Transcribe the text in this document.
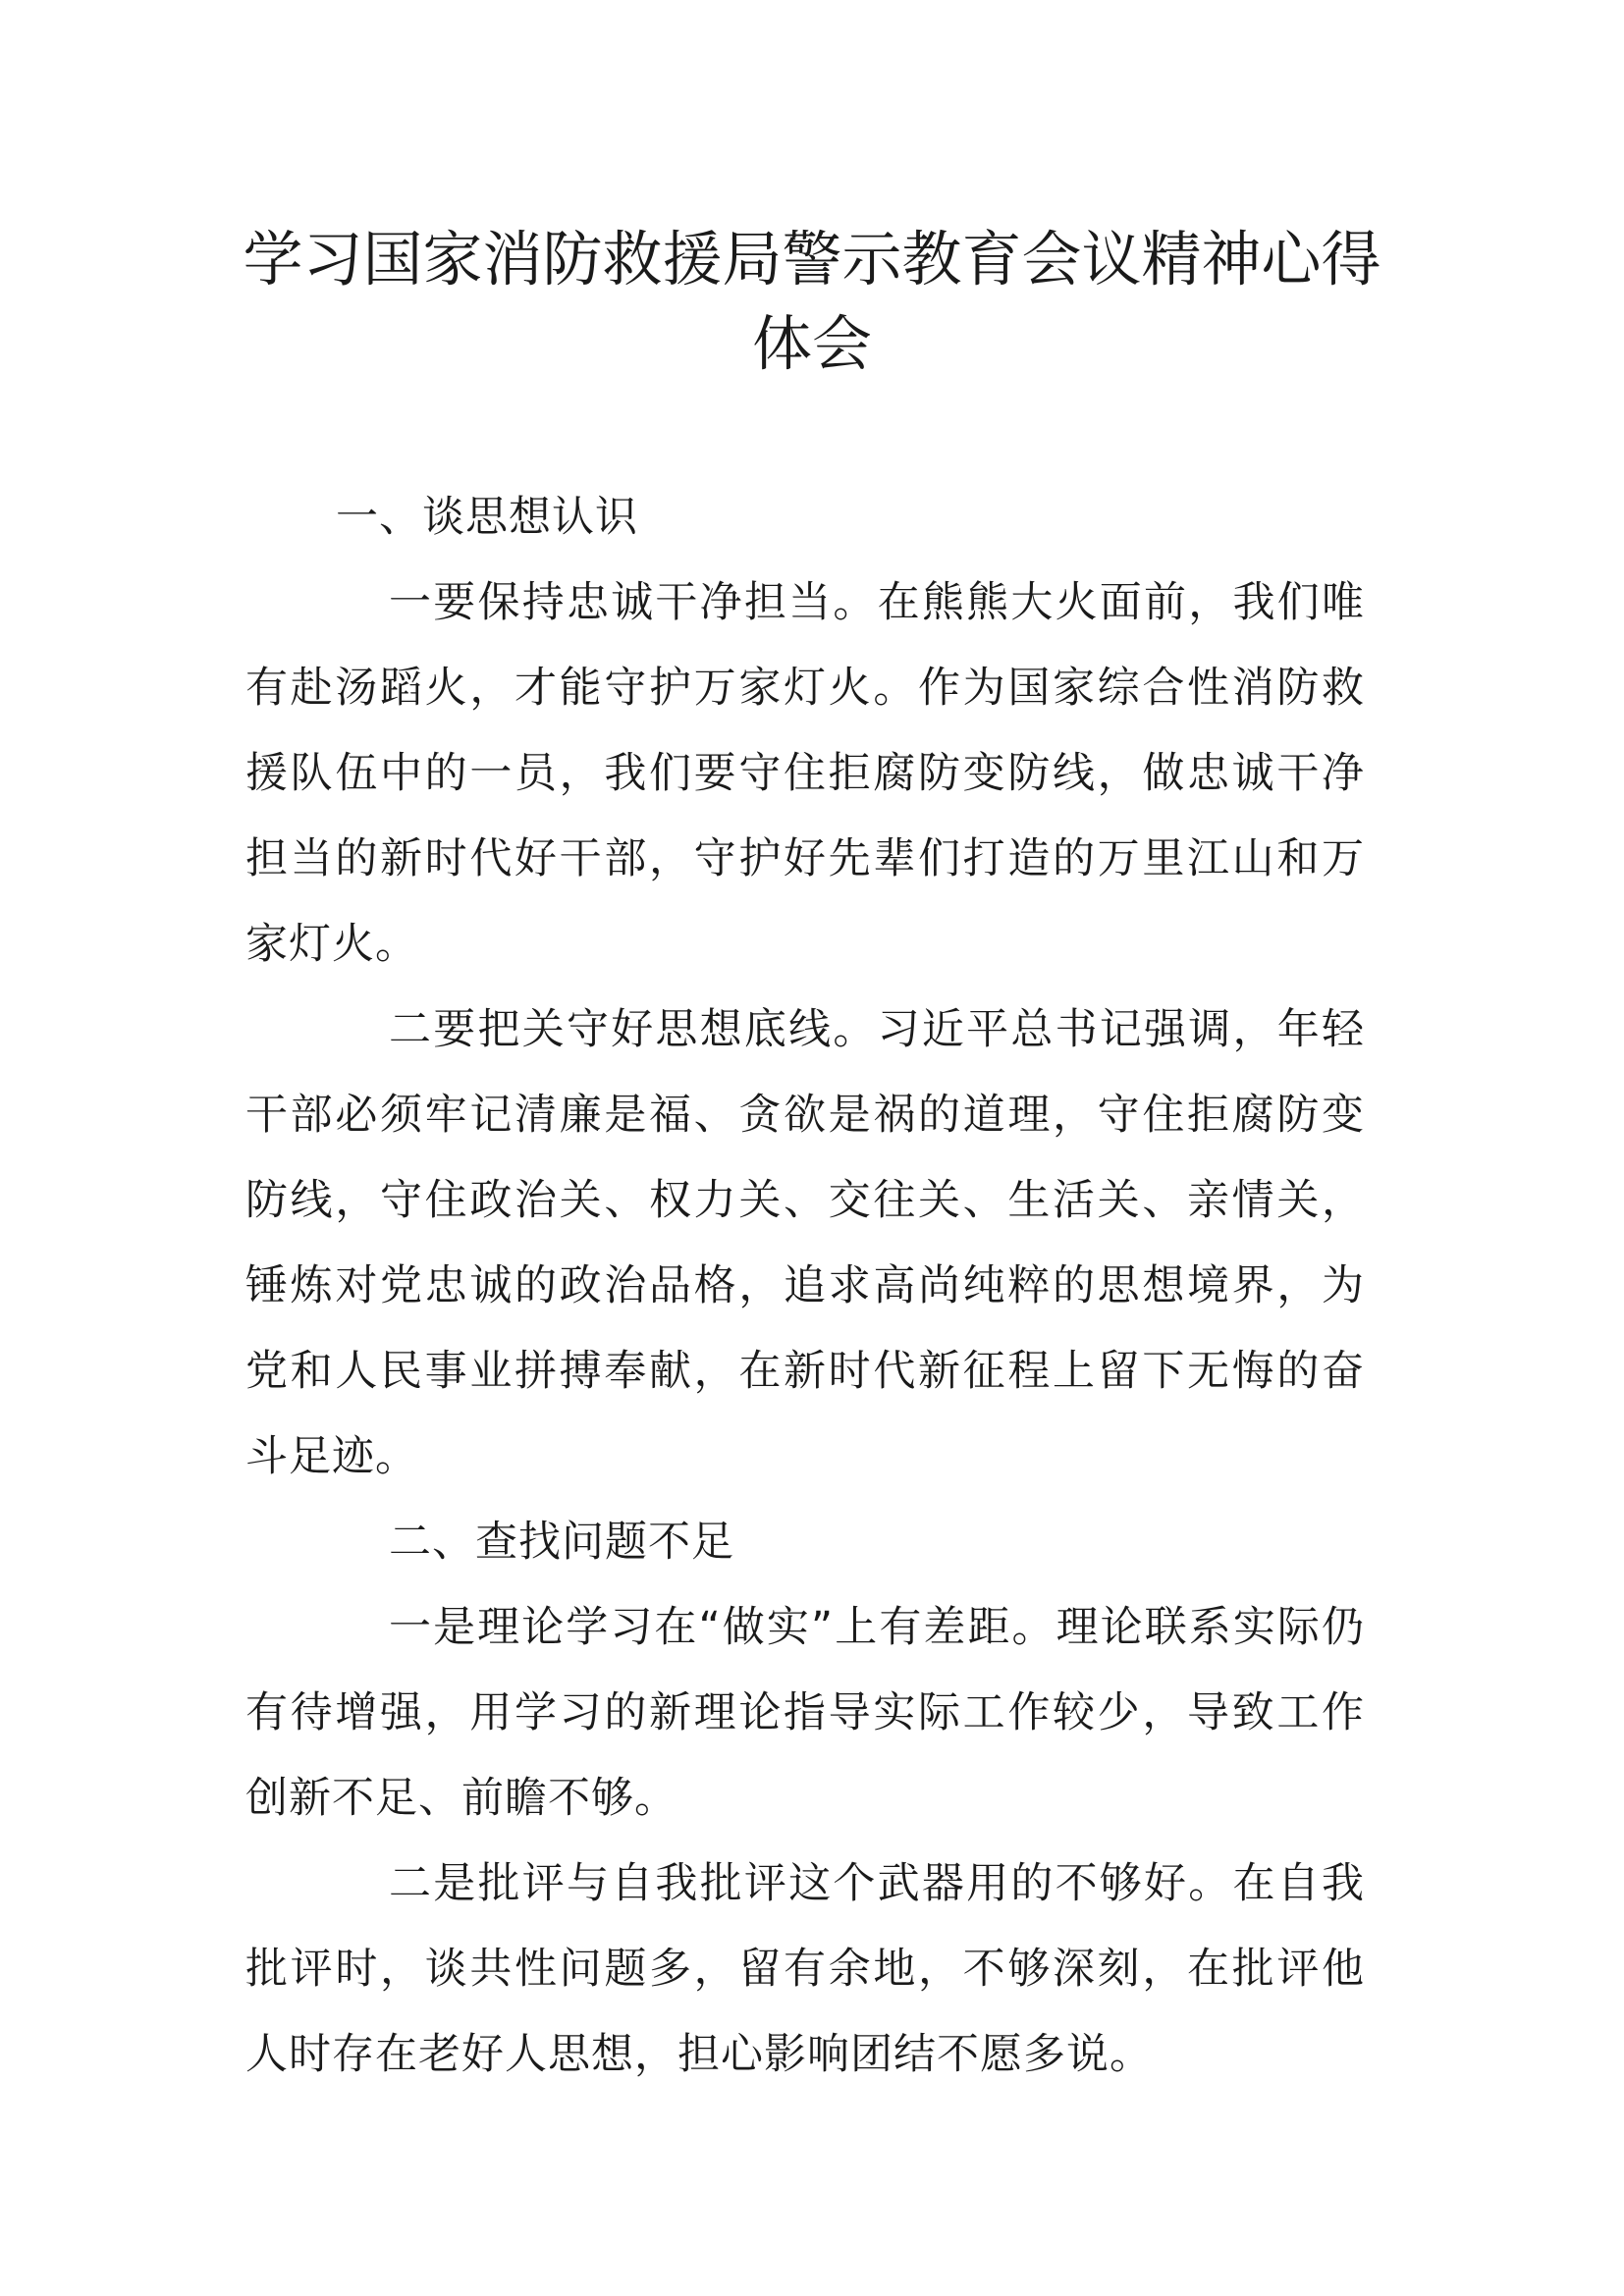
学习国家消防救援局警示教育会议精神心得体会

一、谈思想认识

一要保持忠诚干净担当。在熊熊大火面前，我们唯有赴汤蹈火，才能守护万家灯火。作为国家综合性消防救援队伍中的一员，我们要守住拒腐防变防线，做忠诚干净担当的新时代好干部，守护好先辈们打造的万里江山和万家灯火。

二要把关守好思想底线。习近平总书记强调，年轻干部必须牢记清廉是福、贪欲是祸的道理，守住拒腐防变防线，守住政治关、权力关、交往关、生活关、亲情关，锤炼对党忠诚的政治品格，追求高尚纯粹的思想境界，为党和人民事业拼搏奉献，在新时代新征程上留下无悔的奋斗足迹。

二、查找问题不足

一是理论学习在“做实”上有差距。理论联系实际仍有待增强，用学习的新理论指导实际工作较少，导致工作创新不足、前瞻不够。

二是批评与自我批评这个武器用的不够好。在自我批评时，谈共性问题多，留有余地，不够深刻，在批评他人时存在老好人思想，担心影响团结不愿多说。
